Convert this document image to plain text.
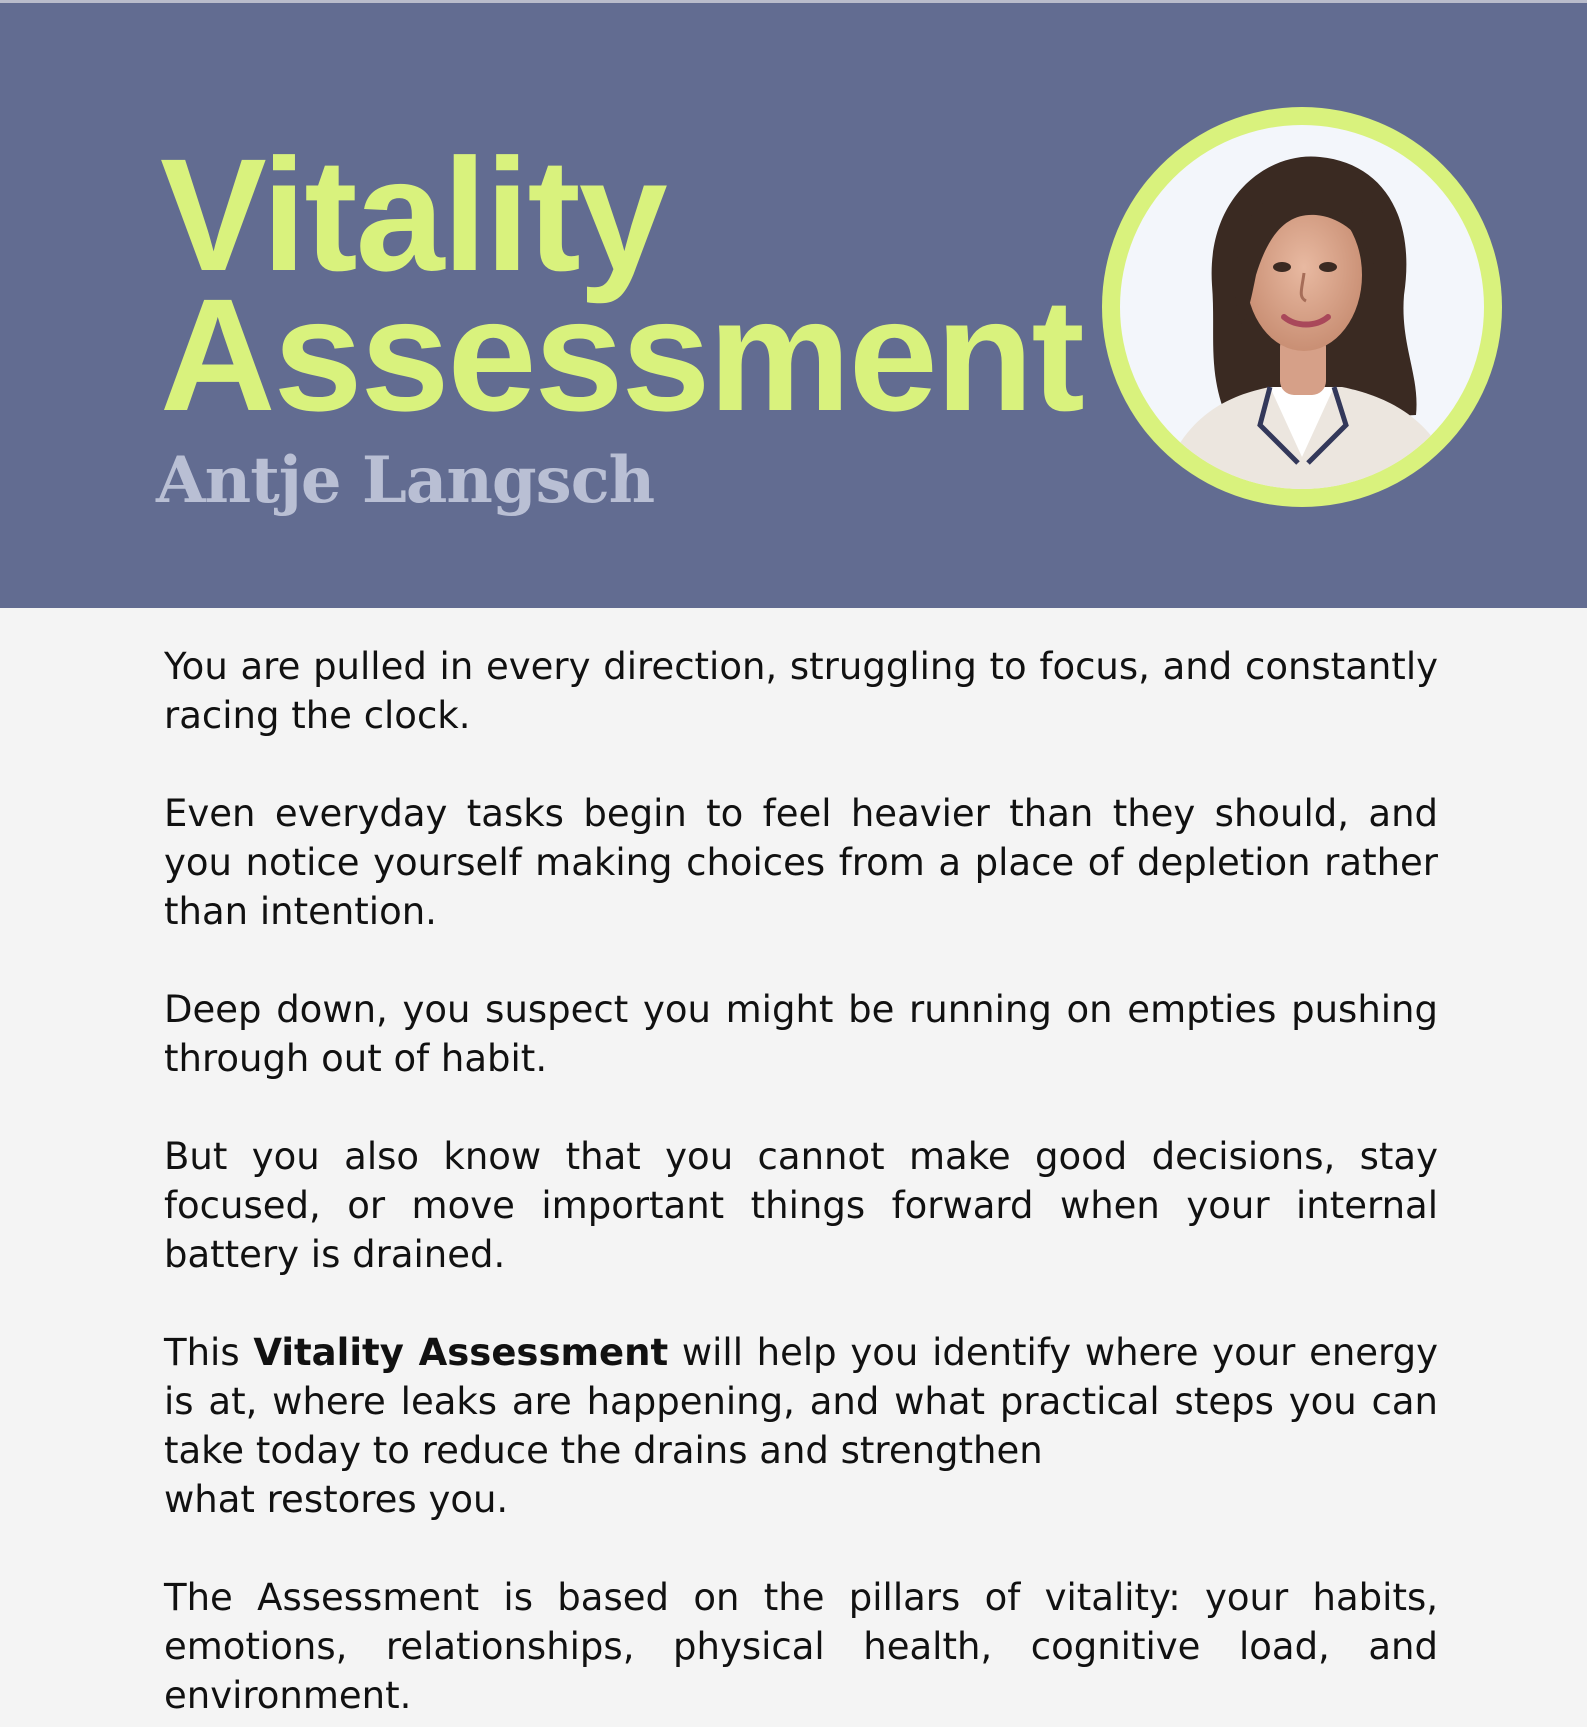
Vitality
Assessment
Antje Langsch

You are pulled in every direction, struggling to focus, and constantly racing the clock.

Even everyday tasks begin to feel heavier than they should, and you notice yourself making choices from a place of depletion rather than intention.

Deep down, you suspect you might be running on empties pushing through out of habit.

But you also know that you cannot make good decisions, stay focused, or move important things forward when your internal battery is drained.

This Vitality Assessment will help you identify where your energy is at, where leaks are happening, and what practical steps you can take today to reduce the drains and strengthen
what restores you.

The Assessment is based on the pillars of vitality: your habits, emotions, relationships, physical health, cognitive load, and environment.
